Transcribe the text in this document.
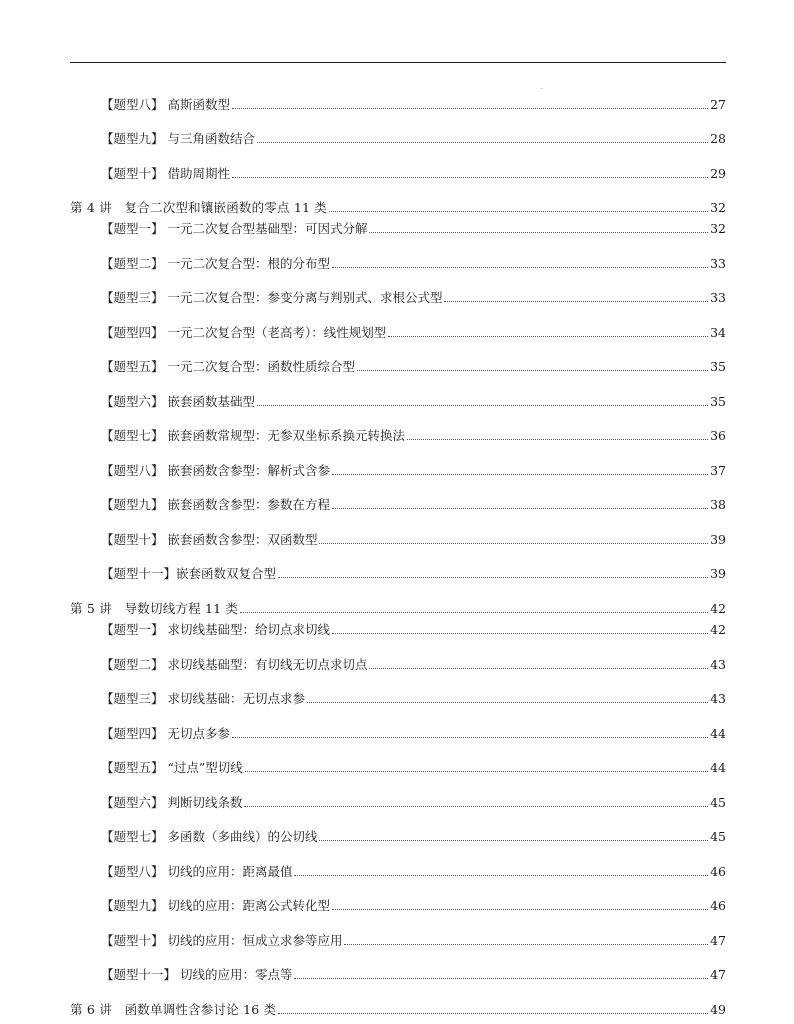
·
【题型八】 高斯函数型	27
【题型九】 与三角函数结合	28
【题型十】 借助周期性	29
第 4 讲　复合二次型和镶嵌函数的零点 11 类	32
【题型一】 一元二次复合型基础型：可因式分解	32
【题型二】 一元二次复合型：根的分布型	33
【题型三】 一元二次复合型：参变分离与判别式、求根公式型	33
【题型四】 一元二次复合型（老高考）：线性规划型	34
【题型五】 一元二次复合型：函数性质综合型	35
【题型六】 嵌套函数基础型	35
【题型七】 嵌套函数常规型：无参双坐标系换元转换法	36
【题型八】 嵌套函数含参型：解析式含参	37
【题型九】 嵌套函数含参型：参数在方程	38
【题型十】 嵌套函数含参型：双函数型	39
【题型十一】嵌套函数双复合型	39
第 5 讲　导数切线方程 11 类	42
【题型一】 求切线基础型：给切点求切线	42
【题型二】 求切线基础型：有切线无切点求切点	43
【题型三】 求切线基础：无切点求参	43
【题型四】 无切点多参	44
【题型五】 “过点”型切线	44
【题型六】 判断切线条数	45
【题型七】 多函数（多曲线）的公切线	45
【题型八】 切线的应用：距离最值	46
【题型九】 切线的应用：距离公式转化型	46
【题型十】 切线的应用：恒成立求参等应用	47
【题型十一】 切线的应用：零点等	47
第 6 讲　函数单调性含参讨论 16 类	49
